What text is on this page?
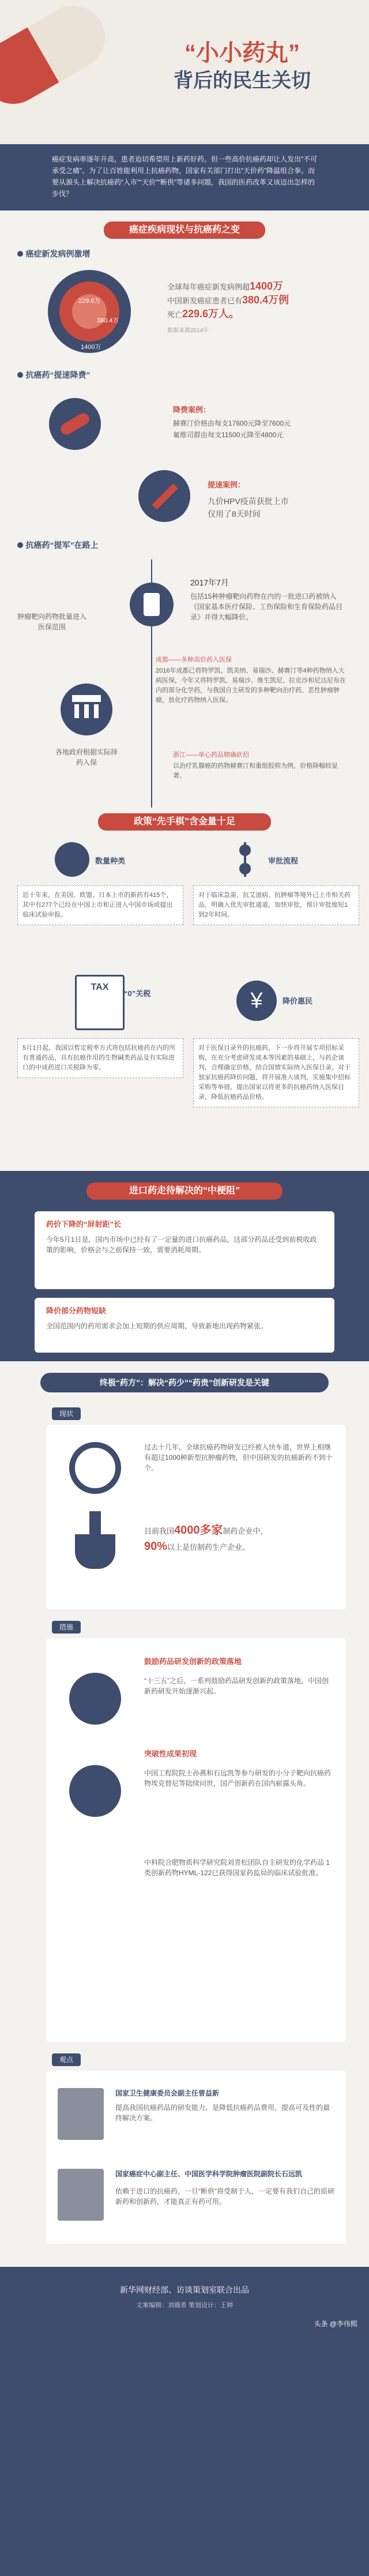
“小小药丸”
背后的民生关切
癌症发病率逐年升高，患者迫切希望用上新药好药，但一些高价抗癌药却让人发出“不可承受之痛”。为了让百姓能利用上抗癌药物，国家有关部门打出“天价药”降温组合拳。而要从源头上解决抗癌药“入市”“天价”“断供”等诸多问题，我国的医药改革又该迈出怎样的步伐？
癌症疾病现状与抗癌药之变
癌症新发病例激增
229.6万
380.4万
1400万
全球每年癌症新发病例超1400万
中国新发癌症患者已有380.4万例
死亡229.6万人。
数据来源2014年
抗癌药“提速降费”
降费案例：
赫赛汀价格由每支17600元降至7600元
氟维司群由每支11500元降至4800元
提速案例：
九价HPV疫苗获批上市
仅用了8天时间
抗癌药“提军”在路上
肿瘤靶向药物批量进入医保范围
2017年7月
包括15种肿瘤靶向药物在内的一批进口药被纳入《国家基本医疗保险、工伤保险和生育保险药品目录》并得大幅降价。
成都——多种高价药入医保
2016年成都已将特罗凯、凯美纳、易瑞沙、赫赛汀等4种药物纳入大病医保，今年又将特罗凯、易瑞沙、维生凯尼、拉克沙和尼达尼布在内的部分化学药，与我国自主研发的多种靶向治疗药、恶性肿瘤肿瘤，放化疗药物纳入医保。
各地政府根据实际择药入保
浙江——单心药品精确砍招
以治疗乳腺癌的药物赫赛汀和重组胶抑为例，价格降幅较显著。
政策“先手棋”含金量十足
数量种类
近十年来，在美国、欧盟、日本上市的新药有415个，其中有277个已经在中国上市和正进入中国市场或提出临床试验申报。
审批流程
对于临床急需、抗艾滋病、抗肿瘤等境外已上市相关药品，明确入优先审批通道，加快审批，预计审批缩短1到2年时间。
TAX
“0”关税
5月1日起，我国以暂定税率方式将包括抗癌药在内的所有普通药品、具有抗癌作用的生物碱类药品及有实际进口的中成药进口关税降为零。
¥	降价惠民
对于医保目录外的抗癌药，下一步将开展专项招标采购，在充分考虑研发成本等因素的基础上，与药企谈判，合理确定价格，结合国情实际纳入医保目录。对于独家抗癌药降价问题，将开展准入谈判，实施集中招标采购等举措，提出国家以将更多的抗癌药纳入医保目录，降低抗癌药品价格。
进口药走待解决的“中梗阻”
药价下降的“屏射距”长
今年5月1日是，国内市场中已经有了一定量的进口抗癌药品，这部分药品还受到前税收政策的影响，价格会与之前保持一致，需要消耗周期。
降价部分药物短缺
全国范围内的药用需求会加上短期的供应周期，导致新地出现药物紧张。
终极“药方”：解决“药少”“药贵”创新研发是关键
现状
过去十几年，全球抗癌药物研发已经被入快车道，世界上相继有超过1000种新型抗肿瘤药物，但中国研发的抗癌新药不到十个。
目前我国4000多家制药企业中，
90%以上是仿制药生产企业。
措施
鼓励药品研发创新的政策落地
“十三五”之后，一系列鼓励药品研发创新的政策落地，中国创新药研发开始逐渐兴起。
突破性成果初现
中国工程院院士孙燕和石远凯等参与研发的小分子靶向抗癌药物埃克替尼等陆续问世，国产创新药在国内崭露头角。
中科院合肥物质科学研究院刘青松团队自主研发的化学药品 1 类创新药物HYML-122已获得国家药监局的临床试验批准。
观点
国家卫生健康委员会副主任曾益新
提高我国抗癌药品的研发能力，是降低抗癌药品费用，提高可及性的最终解决方案。
国家癌症中心副主任、中国医学科学院肿瘤医院副院长石远凯
依赖于进口的抗癌药，一旦“断供”将受制于人，一定要有我们自己的原研新药和创新药，才能真正有药可用。
新华网财经部、访谈策划室联合出品
文案编辑：刘薇希 策划设计：王婷
头条 @李伟熙
